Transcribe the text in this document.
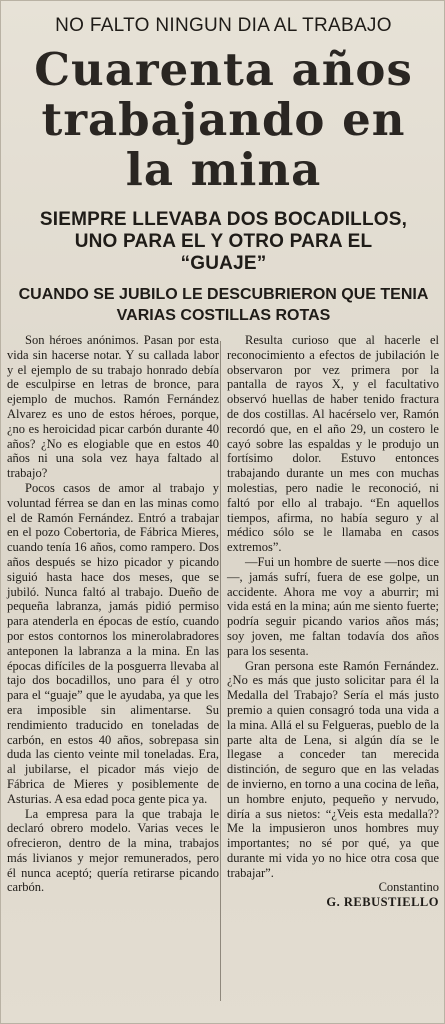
NO FALTO NINGUN DIA AL TRABAJO
Cuarenta años
trabajando en
la mina
SIEMPRE LLEVABA DOS BOCADILLOS,
UNO PARA EL Y OTRO PARA EL
“GUAJE”
CUANDO SE JUBILO LE DESCUBRIERON QUE TENIA
VARIAS COSTILLAS ROTAS

Son héroes anónimos. Pasan por esta vida sin hacerse notar. Y su callada labor y el ejemplo de su trabajo honrado debía de esculpirse en letras de bronce, para ejemplo de muchos. Ramón Fernández Alvarez es uno de estos héroes, porque, ¿no es heroicidad picar carbón durante 40 años? ¿No es elogiable que en estos 40 años ni una sola vez haya faltado al trabajo?

Pocos casos de amor al trabajo y voluntad férrea se dan en las minas como el de Ramón Fernández. Entró a trabajar en el pozo Cobertoria, de Fábrica Mieres, cuando tenía 16 años, como rampero. Dos años después se hizo picador y picando siguió hasta hace dos meses, que se jubiló. Nunca faltó al trabajo. Dueño de pequeña labranza, jamás pidió permiso para atenderla en épocas de estío, cuando por estos contornos los minerolabradores anteponen la labranza a la mina. En las épocas difíciles de la posguerra llevaba al tajo dos bocadillos, uno para él y otro para el “guaje” que le ayudaba, ya que les era imposible sin alimentarse. Su rendimiento traducido en toneladas de carbón, en estos 40 años, sobrepasa sin duda las ciento veinte mil toneladas. Era, al jubilarse, el picador más viejo de Fábrica de Mieres y posiblemente de Asturias. A esa edad poca gente pica ya.

La empresa para la que trabaja le declaró obrero modelo. Varias veces le ofrecieron, dentro de la mina, trabajos más livianos y mejor remunerados, pero él nunca aceptó; quería retirarse picando carbón.

Resulta curioso que al hacerle el reconocimiento a efectos de jubilación le observaron por vez primera por la pantalla de rayos X, y el facultativo observó huellas de haber tenido fractura de dos costillas. Al hacérselo ver, Ramón recordó que, en el año 29, un costero le cayó sobre las espaldas y le produjo un fortísimo dolor. Estuvo entonces trabajando durante un mes con muchas molestias, pero nadie le reconoció, ni faltó por ello al trabajo. “En aquellos tiempos, afirma, no había seguro y al médico sólo se le llamaba en casos extremos”.

—Fui un hombre de suerte —nos dice—, jamás sufrí, fuera de ese golpe, un accidente. Ahora me voy a aburrir; mi vida está en la mina; aún me siento fuerte; podría seguir picando varios años más; soy joven, me faltan todavía dos años para los sesenta.

Gran persona este Ramón Fernández. ¿No es más que justo solicitar para él la Medalla del Trabajo? Sería el más justo premio a quien consagró toda una vida a la mina. Allá el su Felgueras, pueblo de la parte alta de Lena, si algún día se le llegase a conceder tan merecida distinción, de seguro que en las veladas de invierno, en torno a una cocina de leña, un hombre enjuto, pequeño y nervudo, diría a sus nietos: “¿Veis esta medalla?? Me la impusieron unos hombres muy importantes; no sé por qué, ya que durante mi vida yo no hice otra cosa que trabajar”.

Constantino

G. REBUSTIELLO
